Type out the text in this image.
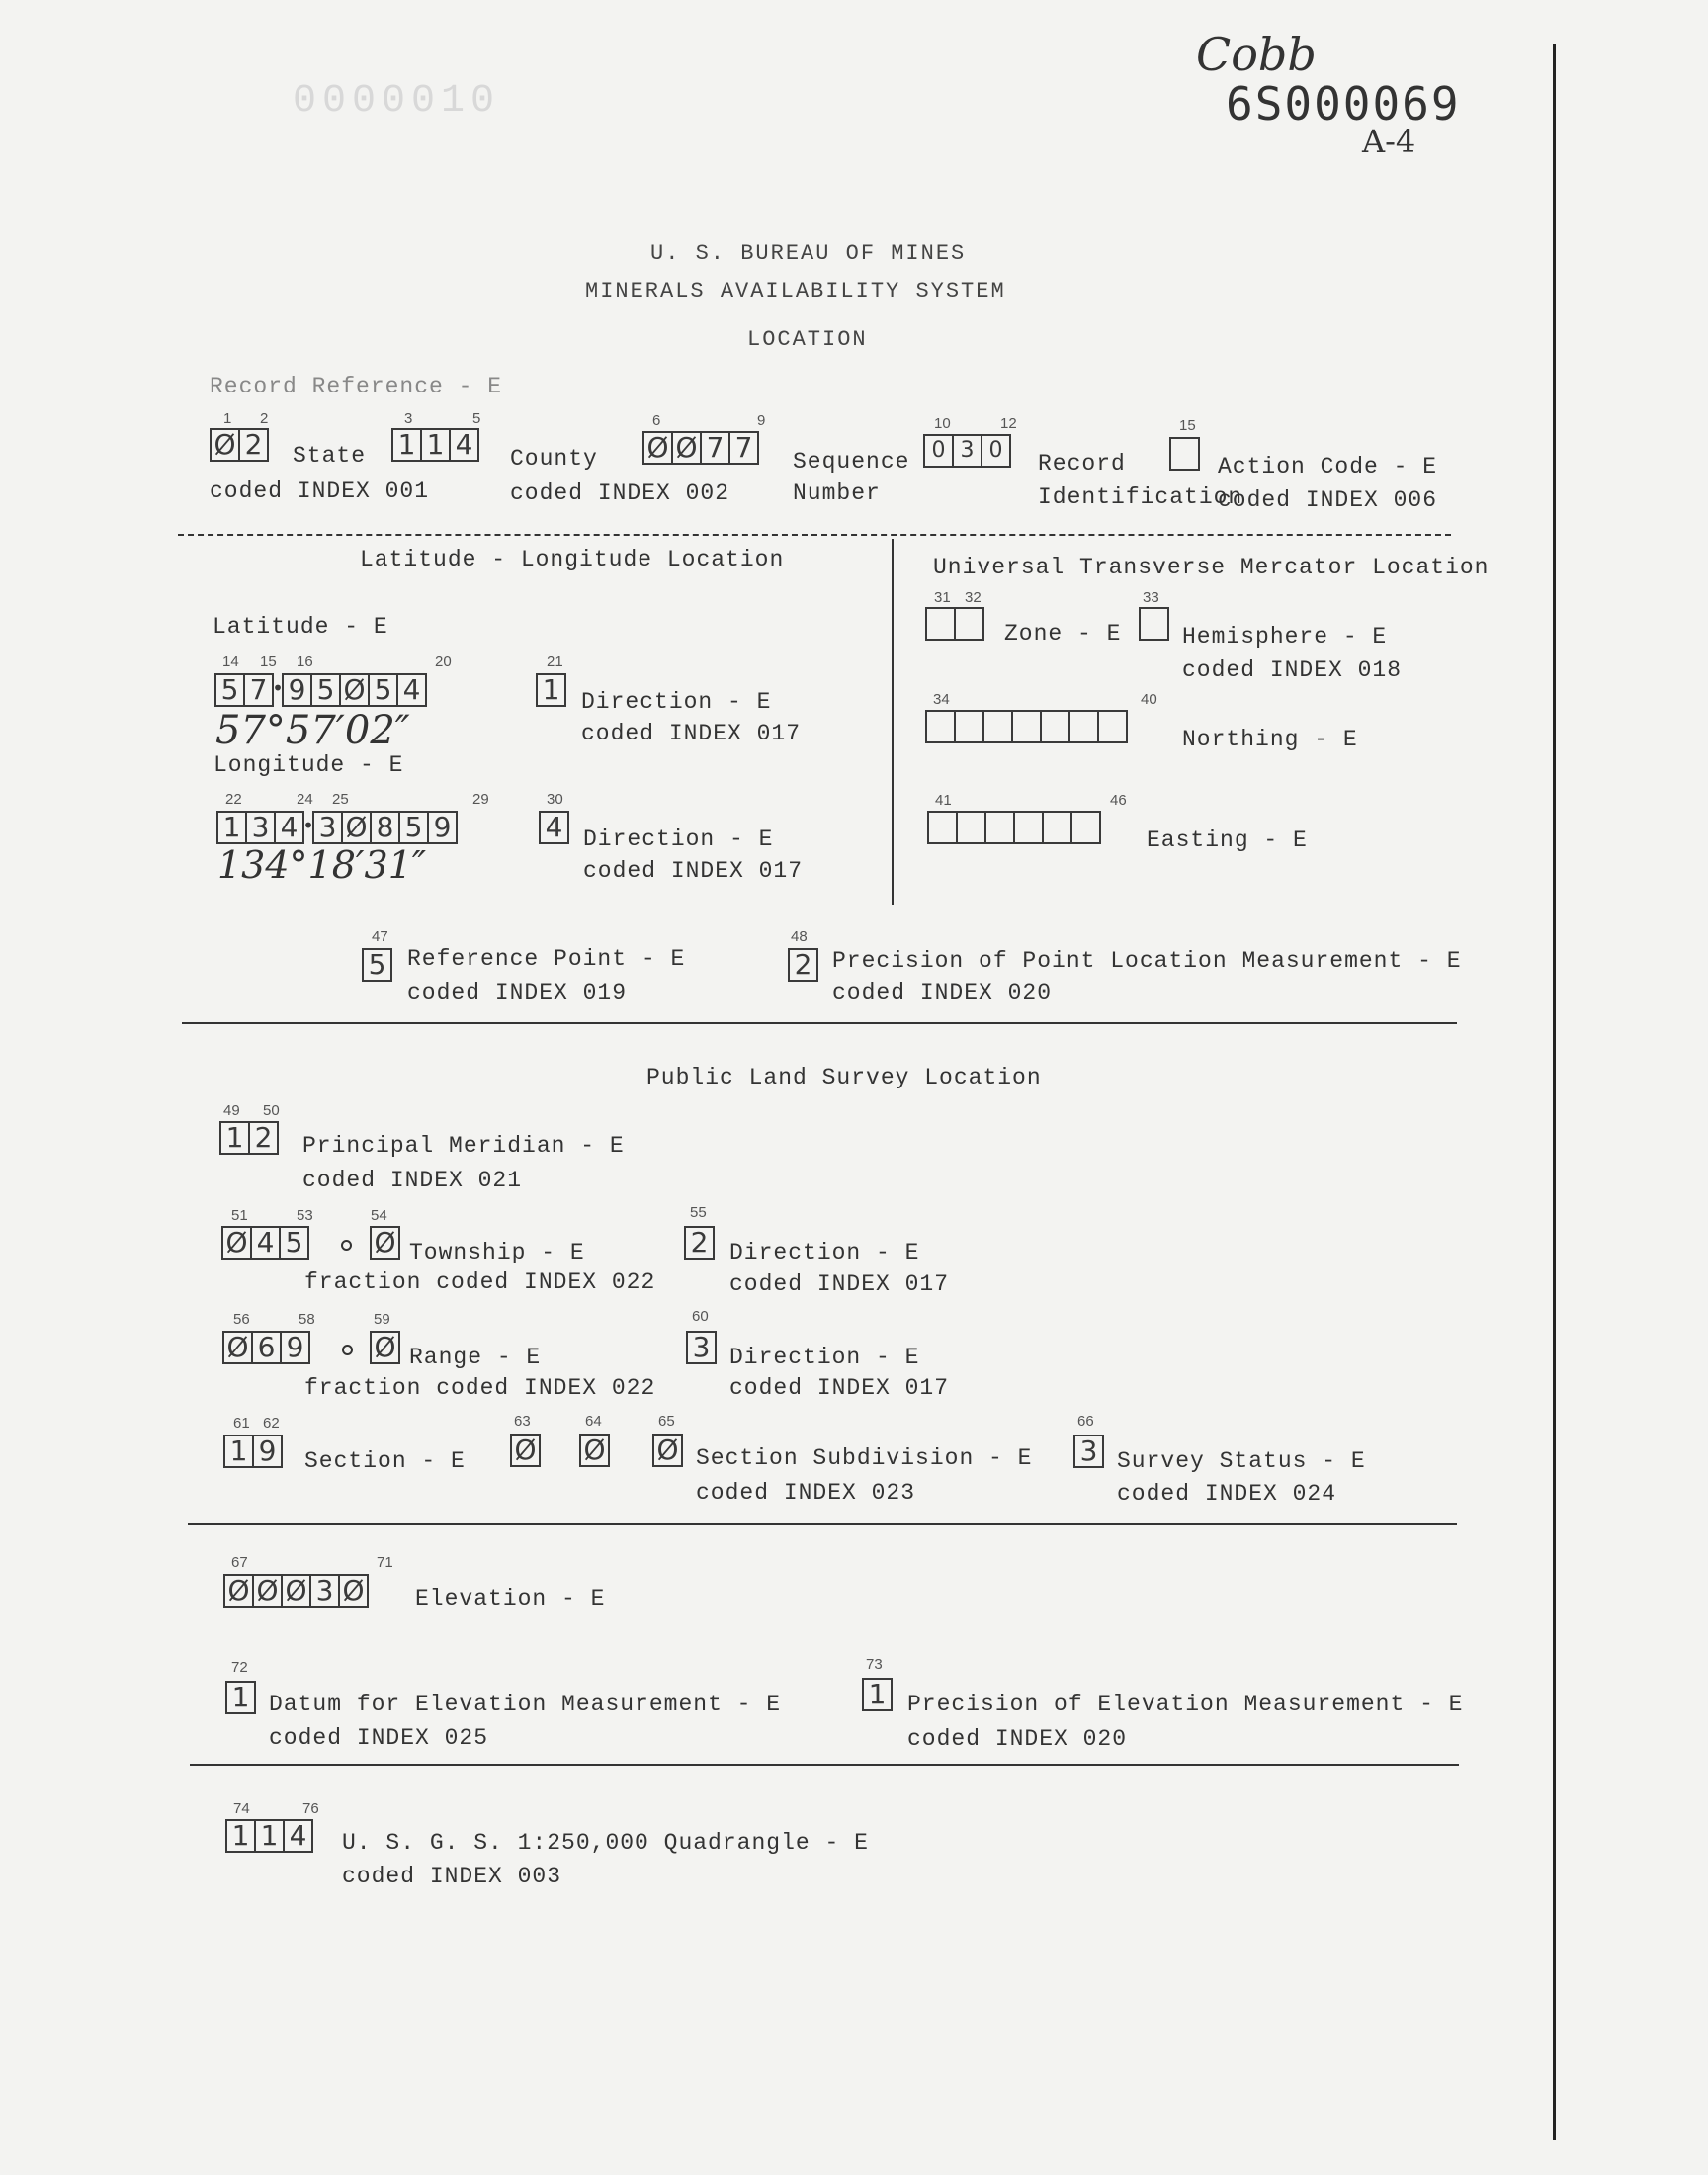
Cobb
6S000069
A-4
0000010
U. S. BUREAU OF MINES
MINERALS AVAILABILITY SYSTEM
LOCATION
Record Reference - E
1 2
Ø 2 State
coded INDEX 001
3	5
1 1 4 County
coded INDEX 002
6	9
Ø Ø 7 7 Sequence
Number
10	12
0 3 0
Record
Identification
15
Action Code - E
coded INDEX 006
Latitude - Longitude Location
Latitude - E
14 15 16	20
5 7 • 9 5 Ø 5 4
57°57′02″
21
1 Direction - E
coded INDEX 017
Longitude - E
22	24 25	29
1 3 4 • 3 Ø 8 5 9
134°18′31″
30
4 Direction - E
coded INDEX 017
Universal Transverse Mercator Location
31 32
Zone - E
33
Hemisphere - E
coded INDEX 018
34	40
Northing - E
41	46
Easting - E
47
5 Reference Point - E
coded INDEX 019
48
2 Precision of Point Location Measurement - E
coded INDEX 020
Public Land Survey Location
49 50
1 2 Principal Meridian - E
coded INDEX 021
51	53	54
Ø 4 5	Ø Township - E
fraction coded INDEX 022
55
2 Direction - E
coded INDEX 017
56	58	59
Ø 6 9	Ø Range - E
fraction coded INDEX 022
60
3 Direction - E
coded INDEX 017
61 62
1 9 Section - E
63
Ø
64
Ø
65
Ø Section Subdivision - E
coded INDEX 023
66
3 Survey Status - E
coded INDEX 024
67	71
Ø Ø Ø 3 Ø Elevation - E
72
1 Datum for Elevation Measurement - E
coded INDEX 025
73
1 Precision of Elevation Measurement - E
coded INDEX 020
74	76
1 1 4 U. S. G. S. 1:250,000 Quadrangle - E
coded INDEX 003
